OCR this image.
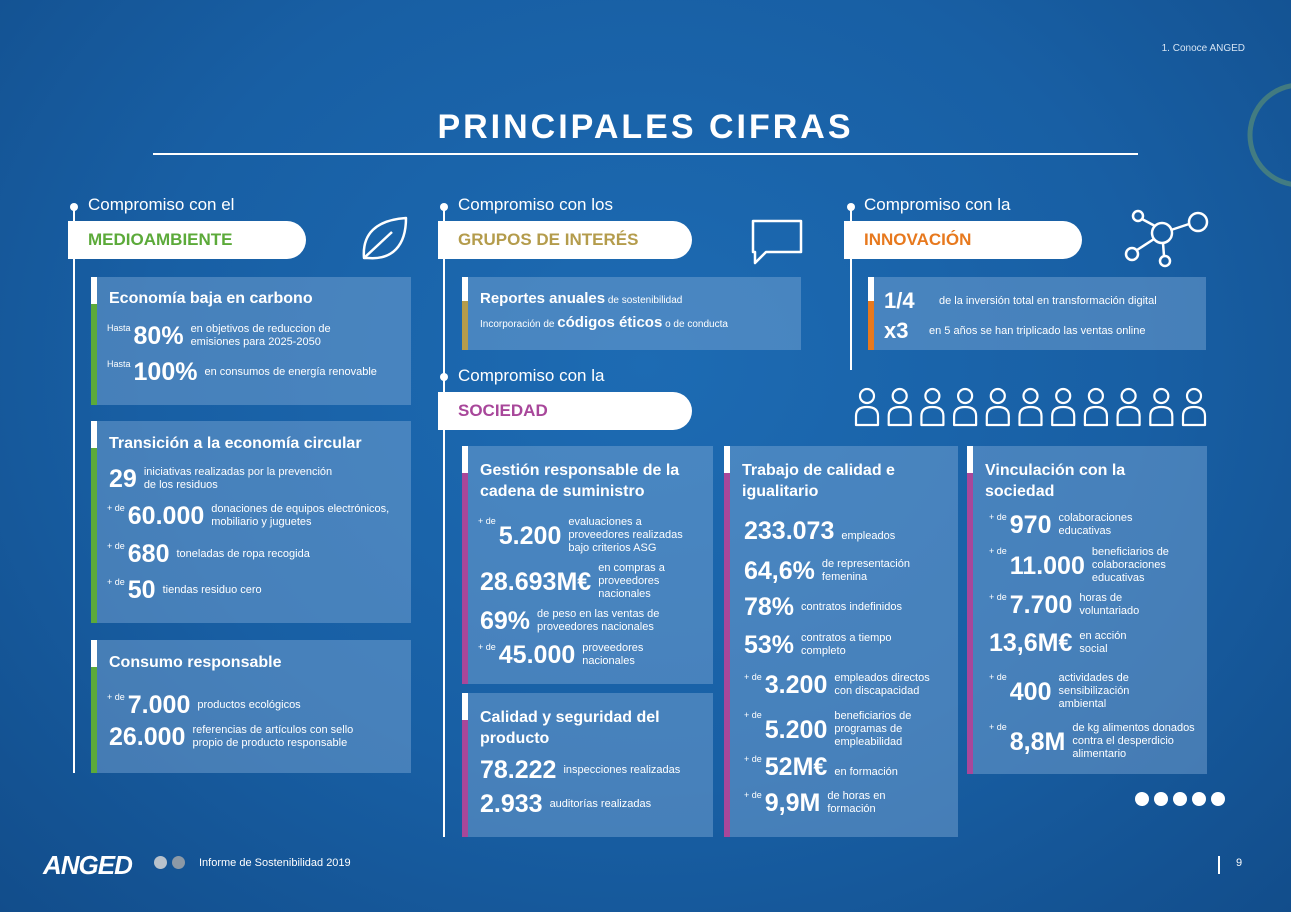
1. Conoce ANGED
PRINCIPALES CIFRAS
Compromiso con el
MEDIOAMBIENTE
Economía baja en carbono
Hasta 80% en objetivos de reduccion de emisiones para 2025-2050
Hasta 100% en consumos de energía renovable
Transición a la economía circular
29 iniciativas realizadas por la prevención de los residuos
+ de 60.000 donaciones de equipos electrónicos, mobiliario y juguetes
+ de 680 toneladas de ropa recogida
+ de 50 tiendas residuo cero
Consumo responsable
+ de 7.000 productos ecológicos
26.000 referencias de artículos con sello propio de producto responsable
Compromiso con los
GRUPOS DE INTERÉS
Reportes anuales de sostenibilidad
Incorporación de códigos éticos o de conducta
Compromiso con la
INNOVACIÓN
1/4	de la inversión total en transformación digital
x3	en 5 años se han triplicado las ventas online
Compromiso con la
SOCIEDAD
Gestión responsable de la cadena de suministro
+ de
5.200 evaluaciones a proveedores realizadas bajo criterios ASG
28.693M€ en compras a proveedores nacionales
69% de peso en las ventas de proveedores nacionales
+ de 45.000 proveedores nacionales
Calidad y seguridad del producto
78.222 inspecciones realizadas
2.933 auditorías realizadas
Trabajo de calidad e igualitario
233.073 empleados
64,6% de representación femenina
78% contratos indefinidos
53% contratos a tiempo completo
+ de 3.200 empleados directos con discapacidad
+ de
5.200 beneficiarios de programas de empleabilidad
+ de 52M€ en formación
+ de 9,9M de horas en formación
Vinculación con la sociedad
+ de 970 colaboraciones educativas
+ de
11.000 beneficiarios de colaboraciones educativas
+ de 7.700 horas de voluntariado
13,6M€ en acción social
+ de
400 actividades de sensibilización ambiental
+ de
8,8M de kg alimentos donados contra el desperdicio alimentario
ANGED	Informe de Sostenibilidad 2019	9
